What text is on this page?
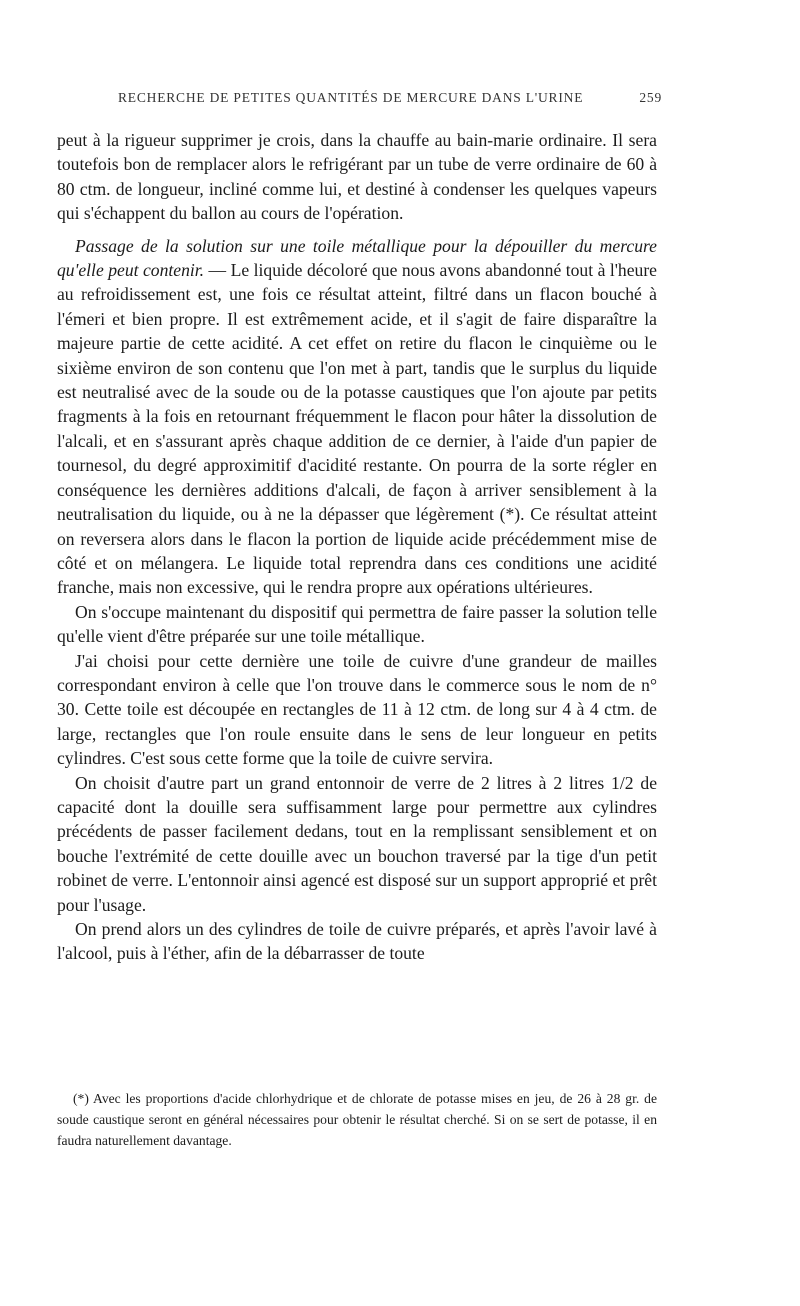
RECHERCHE DE PETITES QUANTITÉS DE MERCURE DANS L'URINE	259

peut à la rigueur supprimer je crois, dans la chauffe au bain-marie ordinaire. Il sera toutefois bon de remplacer alors le refrigérant par un tube de verre ordinaire de 60 à 80 ctm. de longueur, incliné comme lui, et destiné à condenser les quelques vapeurs qui s'échappent du ballon au cours de l'opération.

Passage de la solution sur une toile métallique pour la dépouiller du mercure qu'elle peut contenir. — Le liquide décoloré que nous avons abandonné tout à l'heure au refroidissement est, une fois ce résultat atteint, filtré dans un flacon bouché à l'émeri et bien propre. Il est extrêmement acide, et il s'agit de faire disparaître la majeure partie de cette acidité. A cet effet on retire du flacon le cinquième ou le sixième environ de son contenu que l'on met à part, tandis que le surplus du liquide est neutralisé avec de la soude ou de la potasse caustiques que l'on ajoute par petits fragments à la fois en retournant fréquemment le flacon pour hâter la dissolution de l'alcali, et en s'assurant après chaque addition de ce dernier, à l'aide d'un papier de tournesol, du degré approximitif d'acidité restante. On pourra de la sorte régler en conséquence les dernières additions d'alcali, de façon à arriver sensiblement à la neutralisation du liquide, ou à ne la dépasser que légèrement (*). Ce résultat atteint on reversera alors dans le flacon la portion de liquide acide précédemment mise de côté et on mélangera. Le liquide total reprendra dans ces conditions une acidité franche, mais non excessive, qui le rendra propre aux opérations ultérieures.

On s'occupe maintenant du dispositif qui permettra de faire passer la solution telle qu'elle vient d'être préparée sur une toile métallique.

J'ai choisi pour cette dernière une toile de cuivre d'une grandeur de mailles correspondant environ à celle que l'on trouve dans le commerce sous le nom de n° 30. Cette toile est découpée en rectangles de 11 à 12 ctm. de long sur 4 à 4 ctm. de large, rectangles que l'on roule ensuite dans le sens de leur longueur en petits cylindres. C'est sous cette forme que la toile de cuivre servira.

On choisit d'autre part un grand entonnoir de verre de 2 litres à 2 litres 1/2 de capacité dont la douille sera suffisamment large pour permettre aux cylindres précédents de passer facilement dedans, tout en la remplissant sensiblement et on bouche l'extrémité de cette douille avec un bouchon traversé par la tige d'un petit robinet de verre. L'entonnoir ainsi agencé est disposé sur un support approprié et prêt pour l'usage.

On prend alors un des cylindres de toile de cuivre préparés, et après l'avoir lavé à l'alcool, puis à l'éther, afin de la débarrasser de toute

(*) Avec les proportions d'acide chlorhydrique et de chlorate de potasse mises en jeu, de 26 à 28 gr. de soude caustique seront en général nécessaires pour obtenir le résultat cherché. Si on se sert de potasse, il en faudra naturellement davantage.
